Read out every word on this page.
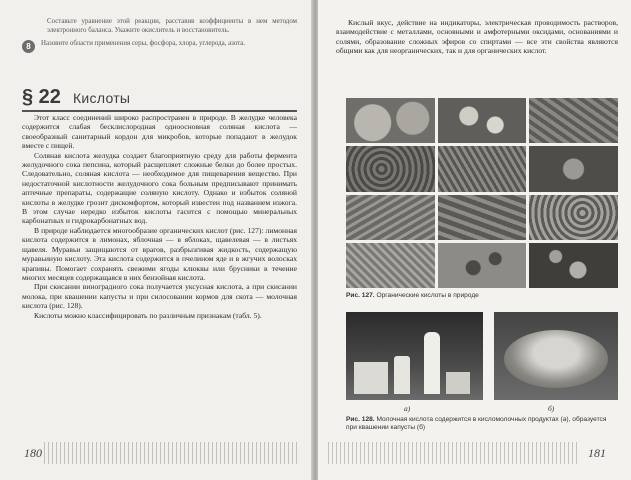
Составьте уравнение этой реакции, расставив коэффициенты в нем методом электронного баланса. Укажите окислитель и восстановитель.

8	Назовите области применения серы, фосфора, хлора, углерода, азота.
§ 22 Кислоты

Этот класс соединений широко распространен в природе. В желудке человека содержится слабая бесклислородная одноосновная соляная кислота — своеобразный санитарный кордон для микробов, которые попадают в желудок вместе с пищей.

Соляная кислота желудка создает благоприятную среду для работы фермента желудочного сока пепсина, который расщепляет сложные белки до более простых. Следовательно, соляная кислота — необходимое для пищеварения вещество. При недостаточной кислотности желудочного сока больным предписывают принимать аптечные препараты, содержащие соляную кислоту. Однако и избыток соляной кислоты в желудке грозит дискомфортом, который известен под названием изжога. В этом случае нередко избыток кислоты гасится с помощью минеральных карбонатных и гидрокарбонатных вод.

В природе наблюдается многообразие органических кислот (рис. 127): лимонная кислота содержится в лимонах, яблочная — в яблоках, щавелевая — в листьях щавеля. Муравьи защищаются от врагов, разбрызгивая жидкость, содержащую муравьиную кислоту. Эта кислота содержится в пчелином яде и в жгучих волосках крапивы. Помогает сохранять свежими ягоды клюквы или брусники в течение многих месяцев содержащаяся в них бензойная кислота.

При скисании виноградного сока получается уксусная кислота, а при скисании молока, при квашении капусты и при силосовании кормов для скота — молочная кислота (рис. 128).

Кислоты можно классифицировать по различным признакам (табл. 5).

180

Кислый вкус, действие на индикаторы, электрическая проводимость растворов, взаимодействие с металлами, основными и амфотерными оксидами, основаниями и солями, образование сложных эфиров со спиртами — все эти свойства являются общими как для неорганических, так и для органических кислот.

Рис. 127. Органические кислоты в природе
а)	б)
Рис. 128. Молочная кислота содержится в кисломолочных продуктах (а), образуется при квашении капусты (б)
181
